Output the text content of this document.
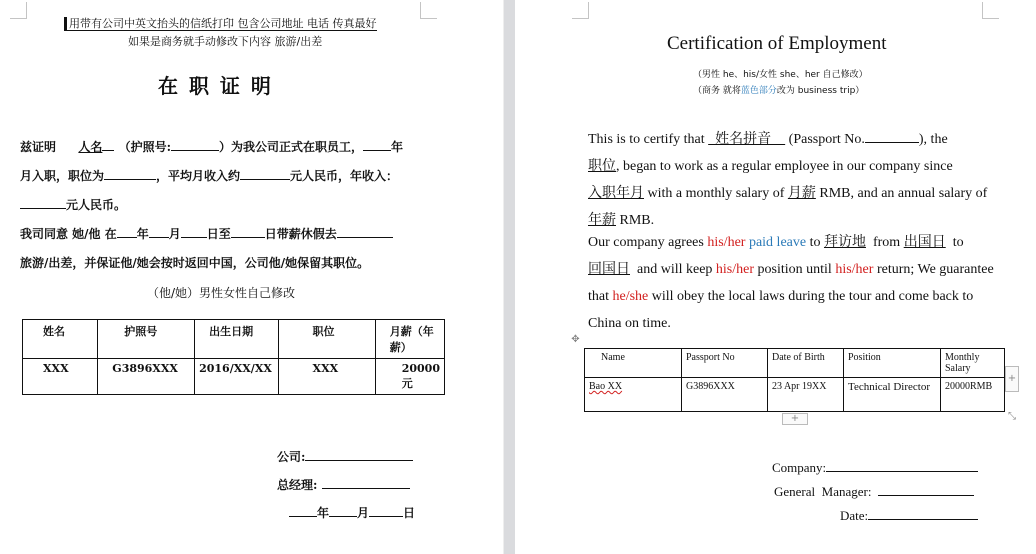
用带有公司中英文抬头的信纸打印 包含公司地址 电话 传真最好
如果是商务就手动修改下内容 旅游/出差
在 职 证 明
兹证明 人名 （护照号:	）为我公司正式在职员工， 年
月入职，职位为	，平均月收入约	元人民币，年收入：
元人民币。
我司同意 她/他 在 年 月 日至	日带薪休假去
旅游/出差，并保证他/她会按时返回中国，公司他/她保留其职位。
（他/她）男性女性自己修改
姓名	护照号	出生日期	职位	月薪（年薪）
XXX	G3896XXX	2016/XX/XX	XXX	20000元
公司:
总经理:
年 月	日
Certification of Employment
（男性 he、his/女性 she、her 自己修改）
（商务 就将蓝色部分改为 business trip）
This is to certify that   姓名拼音     (Passport No.	), the
职位, began to work as a regular employee in our company since
入职年月 with a monthly salary of 月薪 RMB, and an annual salary of
年薪 RMB.
Our company agrees his/her paid leave to 拜访地  from 出国日  to
回国日  and will keep his/her position until his/her return; We guarantee
that he/she will obey the local laws during the tour and come back to
China on time.
✥
Name	Passport No	Date of Birth	Position	Monthly Salary
Bao XX	G3896XXX	23 Apr 19XX	Technical Director	20000RMB
+
+	⤡
Company:
General  Manager:
Date:
